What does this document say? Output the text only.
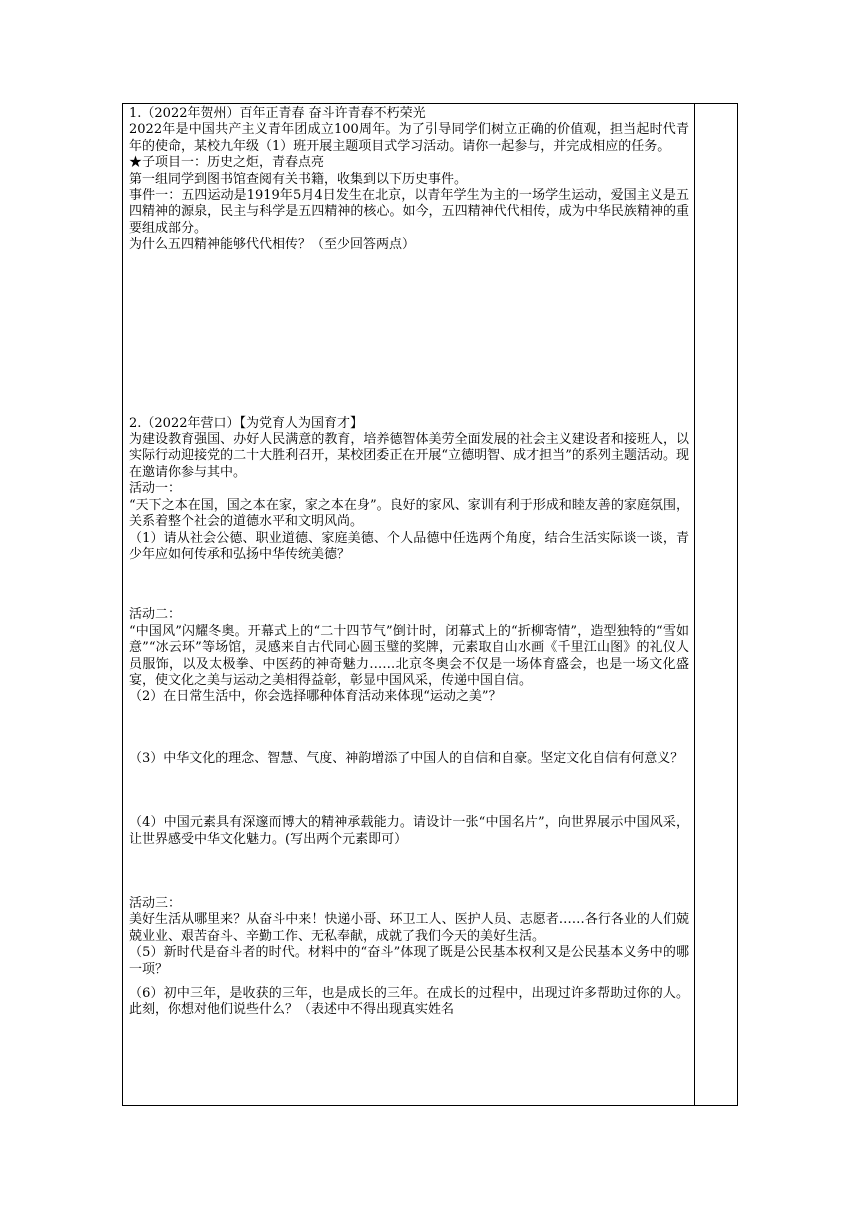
1.（2022年贺州）百年正青春 奋斗许青春不朽荣光

2022年是中国共产主义青年团成立100周年。为了引导同学们树立正确的价值观，担当起时代青年的使命，某校九年级（1）班开展主题项目式学习活动。请你一起参与，并完成相应的任务。

★子项目一：历史之炬，青春点亮

第一组同学到图书馆查阅有关书籍，收集到以下历史事件。

事件一：五四运动是1919年5月4日发生在北京，以青年学生为主的一场学生运动，爱国主义是五四精神的源泉，民主与科学是五四精神的核心。如今，五四精神代代相传，成为中华民族精神的重要组成部分。

为什么五四精神能够代代相传？（至少回答两点）

2.（2022年营口）【为党育人为国育才】

为建设教育强国、办好人民满意的教育，培养德智体美劳全面发展的社会主义建设者和接班人，以实际行动迎接党的二十大胜利召开，某校团委正在开展“立德明智、成才担当”的系列主题活动。现在邀请你参与其中。

活动一：

“天下之本在国，国之本在家，家之本在身”。良好的家风、家训有利于形成和睦友善的家庭氛围，关系着整个社会的道德水平和文明风尚。

（1）请从社会公德、职业道德、家庭美德、个人品德中任选两个角度，结合生活实际谈一谈，青少年应如何传承和弘扬中华传统美德？

活动二：

“中国风”闪耀冬奥。开幕式上的“二十四节气”倒计时，闭幕式上的“折柳寄情”，造型独特的“雪如意”“冰云环”等场馆，灵感来自古代同心圆玉璧的奖牌，元素取自山水画《千里江山图》的礼仪人员服饰，以及太极拳、中医药的神奇魅力……北京冬奥会不仅是一场体育盛会，也是一场文化盛宴，使文化之美与运动之美相得益彰，彰显中国风采，传递中国自信。

（2）在日常生活中，你会选择哪种体育活动来体现“运动之美”？

（3）中华文化的理念、智慧、气度、神韵增添了中国人的自信和自豪。坚定文化自信有何意义？

（4）中国元素具有深邃而博大的精神承载能力。请设计一张“中国名片”，向世界展示中国风采，让世界感受中华文化魅力。(写出两个元素即可）

活动三：

美好生活从哪里来？从奋斗中来！快递小哥、环卫工人、医护人员、志愿者……各行各业的人们兢兢业业、艰苦奋斗、辛勤工作、无私奉献，成就了我们今天的美好生活。

（5）新时代是奋斗者的时代。材料中的“奋斗”体现了既是公民基本权利又是公民基本义务中的哪一项？

（6）初中三年，是收获的三年，也是成长的三年。在成长的过程中，出现过许多帮助过你的人。此刻，你想对他们说些什么？（表述中不得出现真实姓名
